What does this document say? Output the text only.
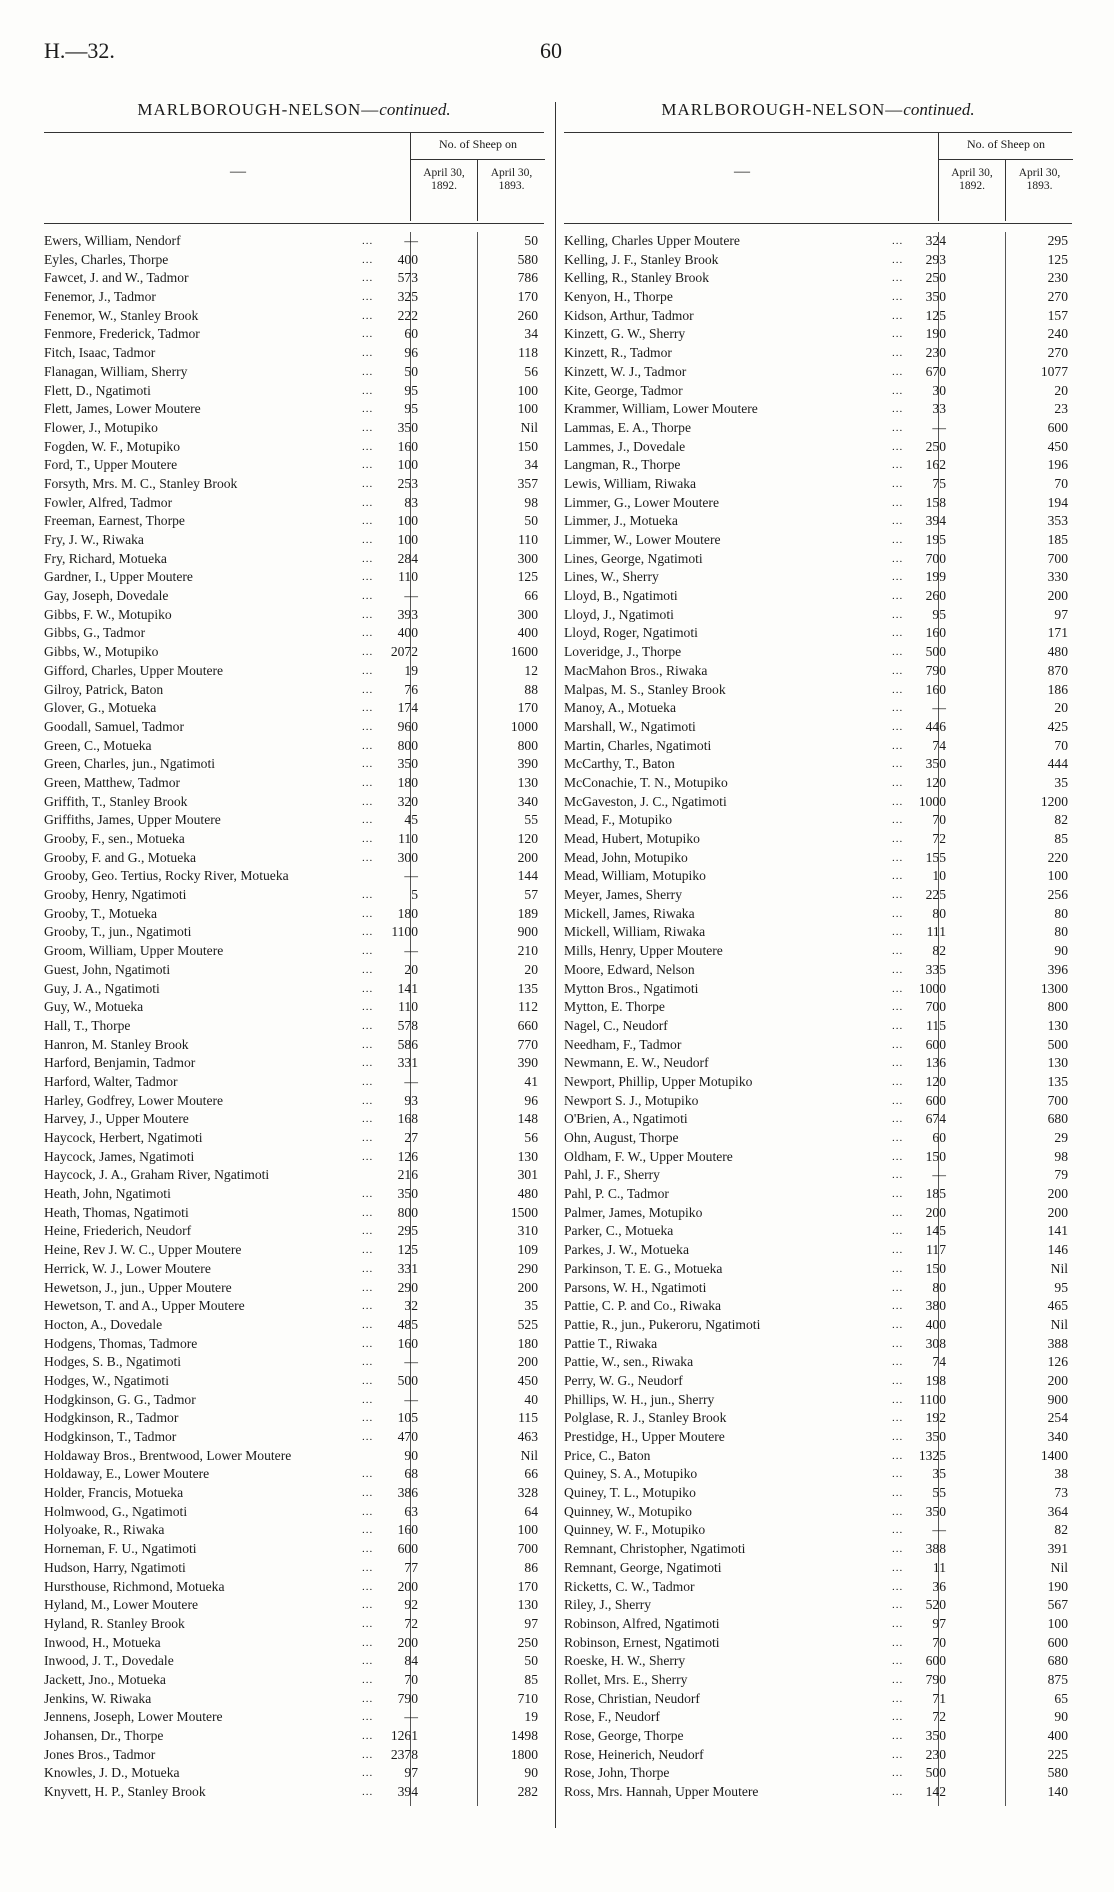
H.—32.	60
MARLBOROUGH-NELSON—continued.
—
No. of Sheep on
April 30, 1892.
April 30, 1893.
Ewers, William, Nendorf	...	—	50
Eyles, Charles, Thorpe	...	400	580
Fawcet, J. and W., Tadmor	...	573	786
Fenemor, J., Tadmor	...	325	170
Fenemor, W., Stanley Brook	...	222	260
Fenmore, Frederick, Tadmor	...	60	34
Fitch, Isaac, Tadmor	...	96	118
Flanagan, William, Sherry	...	50	56
Flett, D., Ngatimoti	...	95	100
Flett, James, Lower Moutere	...	95	100
Flower, J., Motupiko	...	350	Nil
Fogden, W. F., Motupiko	...	160	150
Ford, T., Upper Moutere	...	100	34
Forsyth, Mrs. M. C., Stanley Brook	...	253	357
Fowler, Alfred, Tadmor	...	83	98
Freeman, Earnest, Thorpe	...	100	50
Fry, J. W., Riwaka	...	100	110
Fry, Richard, Motueka	...	284	300
Gardner, I., Upper Moutere	...	110	125
Gay, Joseph, Dovedale	...	—	66
Gibbs, F. W., Motupiko	...	393	300
Gibbs, G., Tadmor	...	400	400
Gibbs, W., Motupiko	...	2072	1600
Gifford, Charles, Upper Moutere	...	19	12
Gilroy, Patrick, Baton	...	76	88
Glover, G., Motueka	...	174	170
Goodall, Samuel, Tadmor	...	960	1000
Green, C., Motueka	...	800	800
Green, Charles, jun., Ngatimoti	...	350	390
Green, Matthew, Tadmor	...	180	130
Griffith, T., Stanley Brook	...	320	340
Griffiths, James, Upper Moutere	...	45	55
Grooby, F., sen., Motueka	...	110	120
Grooby, F. and G., Motueka	...	300	200
Grooby, Geo. Tertius, Rocky River, Motueka	—	144
Grooby, Henry, Ngatimoti	...	5	57
Grooby, T., Motueka	...	180	189
Grooby, T., jun., Ngatimoti	...	1100	900
Groom, William, Upper Moutere	...	—	210
Guest, John, Ngatimoti	...	20	20
Guy, J. A., Ngatimoti	...	141	135
Guy, W., Motueka	...	110	112
Hall, T., Thorpe	...	578	660
Hanron, M. Stanley Brook	...	586	770
Harford, Benjamin, Tadmor	...	331	390
Harford, Walter, Tadmor	...	—	41
Harley, Godfrey, Lower Moutere	...	93	96
Harvey, J., Upper Moutere	...	168	148
Haycock, Herbert, Ngatimoti	...	27	56
Haycock, James, Ngatimoti	...	126	130
Haycock, J. A., Graham River, Ngatimoti	216	301
Heath, John, Ngatimoti	...	350	480
Heath, Thomas, Ngatimoti	...	800	1500
Heine, Friederich, Neudorf	...	295	310
Heine, Rev J. W. C., Upper Moutere	...	125	109
Herrick, W. J., Lower Moutere	...	331	290
Hewetson, J., jun., Upper Moutere	...	290	200
Hewetson, T. and A., Upper Moutere	...	32	35
Hocton, A., Dovedale	...	485	525
Hodgens, Thomas, Tadmore	...	160	180
Hodges, S. B., Ngatimoti	...	—	200
Hodges, W., Ngatimoti	...	500	450
Hodgkinson, G. G., Tadmor	...	—	40
Hodgkinson, R., Tadmor	...	105	115
Hodgkinson, T., Tadmor	...	470	463
Holdaway Bros., Brentwood, Lower Moutere	90	Nil
Holdaway, E., Lower Moutere	...	68	66
Holder, Francis, Motueka	...	386	328
Holmwood, G., Ngatimoti	...	63	64
Holyoake, R., Riwaka	...	160	100
Horneman, F. U., Ngatimoti	...	600	700
Hudson, Harry, Ngatimoti	...	77	86
Hursthouse, Richmond, Motueka	...	200	170
Hyland, M., Lower Moutere	...	92	130
Hyland, R. Stanley Brook	...	72	97
Inwood, H., Motueka	...	200	250
Inwood, J. T., Dovedale	...	84	50
Jackett, Jno., Motueka	...	70	85
Jenkins, W. Riwaka	...	790	710
Jennens, Joseph, Lower Moutere	...	—	19
Johansen, Dr., Thorpe	...	1261	1498
Jones Bros., Tadmor	...	2378	1800
Knowles, J. D., Motueka	...	97	90
Knyvett, H. P., Stanley Brook	...	394	282
MARLBOROUGH-NELSON—continued.
—
No. of Sheep on
April 30, 1892.
April 30, 1893.
Kelling, Charles Upper Moutere	...	324	295
Kelling, J. F., Stanley Brook	...	293	125
Kelling, R., Stanley Brook	...	250	230
Kenyon, H., Thorpe	...	350	270
Kidson, Arthur, Tadmor	...	125	157
Kinzett, G. W., Sherry	...	190	240
Kinzett, R., Tadmor	...	230	270
Kinzett, W. J., Tadmor	...	670	1077
Kite, George, Tadmor	...	30	20
Krammer, William, Lower Moutere	...	33	23
Lammas, E. A., Thorpe	...	—	600
Lammes, J., Dovedale	...	250	450
Langman, R., Thorpe	...	162	196
Lewis, William, Riwaka	...	75	70
Limmer, G., Lower Moutere	...	158	194
Limmer, J., Motueka	...	394	353
Limmer, W., Lower Moutere	...	195	185
Lines, George, Ngatimoti	...	700	700
Lines, W., Sherry	...	199	330
Lloyd, B., Ngatimoti	...	260	200
Lloyd, J., Ngatimoti	...	95	97
Lloyd, Roger, Ngatimoti	...	160	171
Loveridge, J., Thorpe	...	500	480
MacMahon Bros., Riwaka	...	790	870
Malpas, M. S., Stanley Brook	...	160	186
Manoy, A., Motueka	...	—	20
Marshall, W., Ngatimoti	...	446	425
Martin, Charles, Ngatimoti	...	74	70
McCarthy, T., Baton	...	350	444
McConachie, T. N., Motupiko	...	120	35
McGaveston, J. C., Ngatimoti	...	1000	1200
Mead, F., Motupiko	...	70	82
Mead, Hubert, Motupiko	...	72	85
Mead, John, Motupiko	...	155	220
Mead, William, Motupiko	...	10	100
Meyer, James, Sherry	...	225	256
Mickell, James, Riwaka	...	80	80
Mickell, William, Riwaka	...	111	80
Mills, Henry, Upper Moutere	...	82	90
Moore, Edward, Nelson	...	335	396
Mytton Bros., Ngatimoti	...	1000	1300
Mytton, E. Thorpe	...	700	800
Nagel, C., Neudorf	...	115	130
Needham, F., Tadmor	...	600	500
Newmann, E. W., Neudorf	...	136	130
Newport, Phillip, Upper Motupiko	...	120	135
Newport S. J., Motupiko	...	600	700
O'Brien, A., Ngatimoti	...	674	680
Ohn, August, Thorpe	...	60	29
Oldham, F. W., Upper Moutere	...	150	98
Pahl, J. F., Sherry	...	—	79
Pahl, P. C., Tadmor	...	185	200
Palmer, James, Motupiko	...	200	200
Parker, C., Motueka	...	145	141
Parkes, J. W., Motueka	...	117	146
Parkinson, T. E. G., Motueka	...	150	Nil
Parsons, W. H., Ngatimoti	...	80	95
Pattie, C. P. and Co., Riwaka	...	380	465
Pattie, R., jun., Pukeroru, Ngatimoti	...	400	Nil
Pattie T., Riwaka	...	308	388
Pattie, W., sen., Riwaka	...	74	126
Perry, W. G., Neudorf	...	198	200
Phillips, W. H., jun., Sherry	...	1100	900
Polglase, R. J., Stanley Brook	...	192	254
Prestidge, H., Upper Moutere	...	350	340
Price, C., Baton	...	1325	1400
Quiney, S. A., Motupiko	...	35	38
Quiney, T. L., Motupiko	...	55	73
Quinney, W., Motupiko	...	350	364
Quinney, W. F., Motupiko	...	—	82
Remnant, Christopher, Ngatimoti	...	388	391
Remnant, George, Ngatimoti	...	11	Nil
Ricketts, C. W., Tadmor	...	36	190
Riley, J., Sherry	...	520	567
Robinson, Alfred, Ngatimoti	...	97	100
Robinson, Ernest, Ngatimoti	...	70	600
Roeske, H. W., Sherry	...	600	680
Rollet, Mrs. E., Sherry	...	790	875
Rose, Christian, Neudorf	...	71	65
Rose, F., Neudorf	...	72	90
Rose, George, Thorpe	...	350	400
Rose, Heinerich, Neudorf	...	230	225
Rose, John, Thorpe	...	500	580
Ross, Mrs. Hannah, Upper Moutere	...	142	140
